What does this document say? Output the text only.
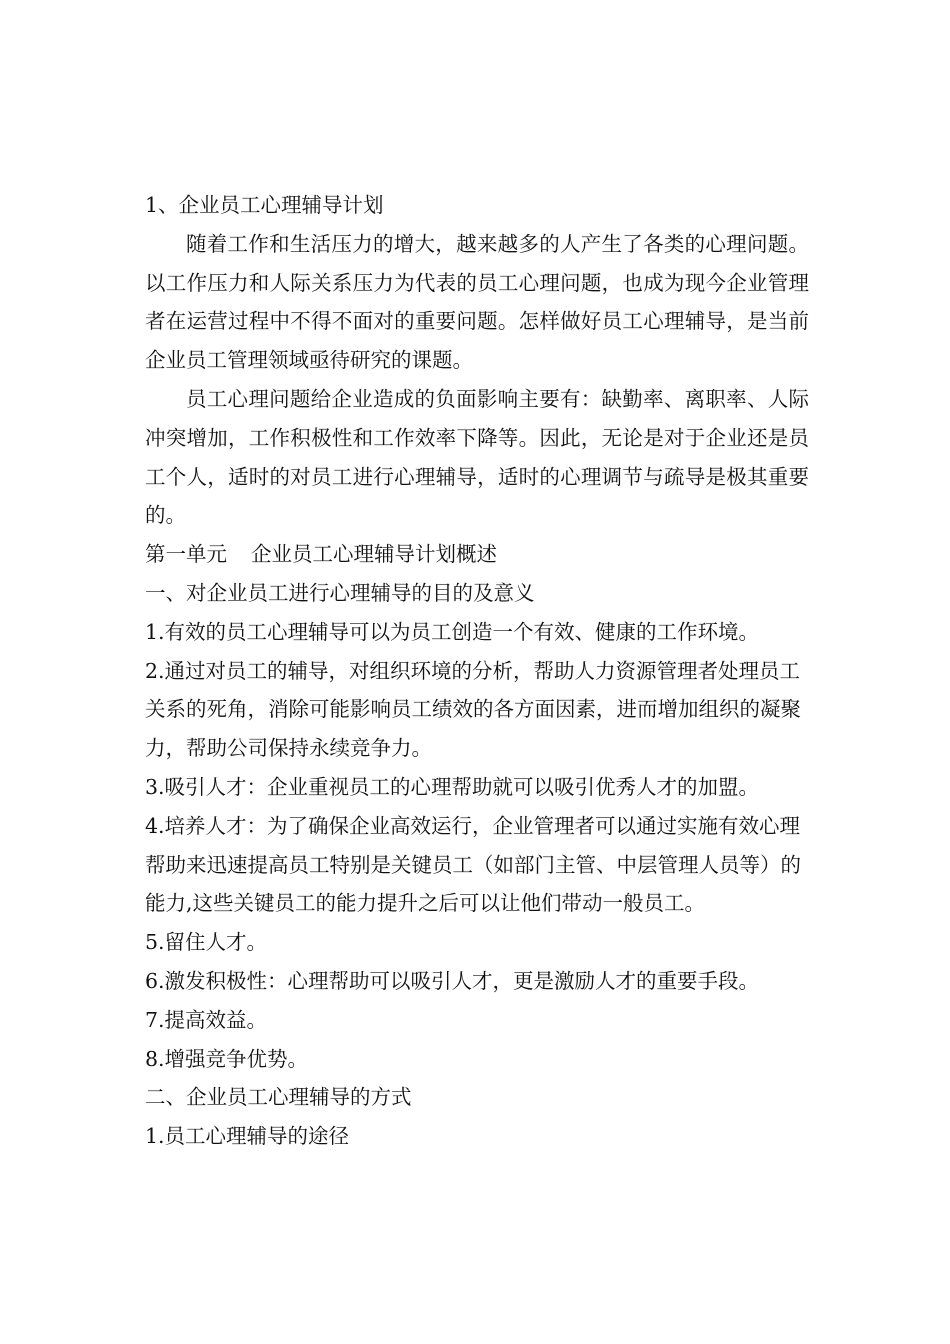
1、企业员工心理辅导计划

随着工作和生活压力的增大，越来越多的人产生了各类的心理问题。以工作压力和人际关系压力为代表的员工心理问题，也成为现今企业管理者在运营过程中不得不面对的重要问题。怎样做好员工心理辅导，是当前企业员工管理领域亟待研究的课题。

员工心理问题给企业造成的负面影响主要有：缺勤率、离职率、人际冲突增加，工作积极性和工作效率下降等。因此，无论是对于企业还是员工个人，适时的对员工进行心理辅导，适时的心理调节与疏导是极其重要的。

第一单元 企业员工心理辅导计划概述

一、对企业员工进行心理辅导的目的及意义

1.有效的员工心理辅导可以为员工创造一个有效、健康的工作环境。

2.通过对员工的辅导，对组织环境的分析，帮助人力资源管理者处理员工关系的死角，消除可能影响员工绩效的各方面因素，进而增加组织的凝聚力，帮助公司保持永续竞争力。

3.吸引人才：企业重视员工的心理帮助就可以吸引优秀人才的加盟。

4.培养人才：为了确保企业高效运行，企业管理者可以通过实施有效心理帮助来迅速提高员工特别是关键员工（如部门主管、中层管理人员等）的能力,这些关键员工的能力提升之后可以让他们带动一般员工。

5.留住人才。

6.激发积极性：心理帮助可以吸引人才，更是激励人才的重要手段。

7.提高效益。

8.增强竞争优势。

二、企业员工心理辅导的方式

1.员工心理辅导的途径
